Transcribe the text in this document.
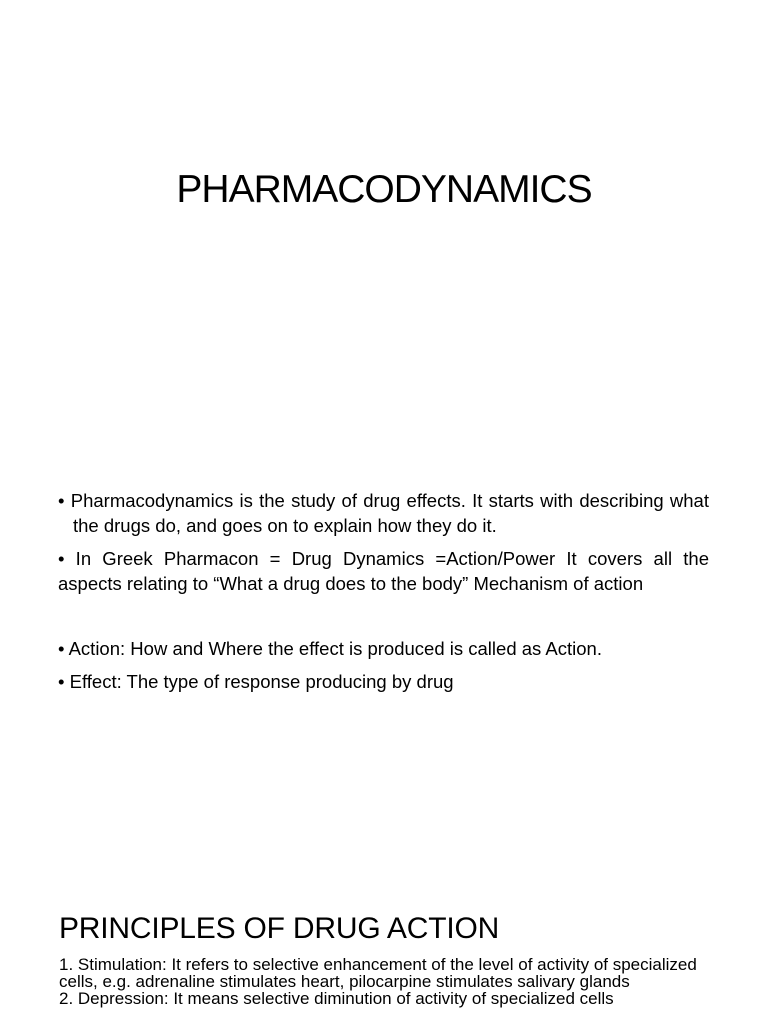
PHARMACODYNAMICS

• Pharmacodynamics is the study of drug effects. It starts with describing what the drugs do, and goes on to explain how they do it.

• In Greek Pharmacon = Drug Dynamics =Action/Power It covers all the aspects relating to “What a drug does to the body” Mechanism of action

• Action: How and Where the effect is produced is called as Action.

• Effect: The type of response producing by drug

PRINCIPLES OF DRUG ACTION

1. Stimulation: It refers to selective enhancement of the level of activity of specialized cells, e.g. adrenaline stimulates heart, pilocarpine stimulates salivary glands

2. Depression: It means selective diminution of activity of specialized cells
